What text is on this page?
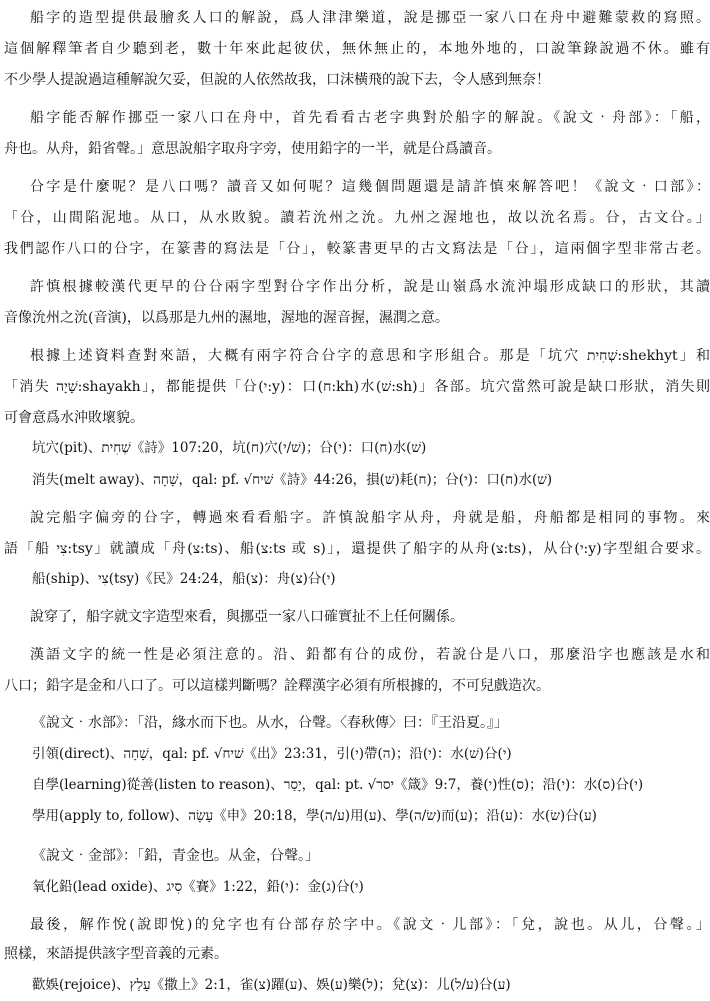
船字的造型提供最膾炙人口的解說，爲人津津樂道，說是挪亞一家八口在舟中避難蒙救的寫照。
這個解釋筆者自少聽到老，數十年來此起彼伏，無休無止的，本地外地的，口說筆錄說過不休。雖有
不少學人提說過這種解說欠妥，但說的人依然故我，口沫橫飛的說下去，令人感到無奈！
船字能否解作挪亞一家八口在舟中，首先看看古老字典對於船字的解說。《說文‧舟部》：「船，
舟也。从舟，鉛省聲。」意思說船字取舟字旁，使用鉛字的一半，就是㕣爲讀音。
㕣字是什麼呢？是八口嗎？讀音又如何呢？這幾個問題還是請許慎來解答吧！《說文‧口部》：
「㕣，山間陷泥地。从口，从水敗貌。讀若沇州之沇。九州之渥地也，故以沇名焉。㕣，古文㕣。」
我們認作八口的㕣字，在篆書的寫法是「㕣」，較篆書更早的古文寫法是「㕣」，這兩個字型非常古老。
許慎根據較漢代更早的㕣㕣兩字型對㕣字作出分析，說是山嶺爲水流沖塌形成缺口的形狀，其讀
音像沇州之沇(音演)，以爲那是九州的濕地，渥地的渥音握，濕潤之意。
根據上述資料查對來語，大概有兩字符合㕣字的意思和字形組合。那是「坑穴 שְׁחִית:shekhyt」和
「消失 שָׁיָה:shayakh」，都能提供「㕣(י:y)：口(ח:kh)水(שׁ:sh)」各部。坑穴當然可說是缺口形狀，消失則
可會意爲水沖敗壞貌。
坑穴(pit)、שְׁחִית《詩》107:20，坑(ח)穴(שׁ/י)；㕣(י)：口(ח)水(שׁ)
消失(melt away)、שָׁחָה，qal: pf. √שׁיח《詩》44:26，損(שׁ)耗(ח)；㕣(י)：口(ח)水(שׁ)
說完船字偏旁的㕣字，轉過來看看船字。許慎說船字从舟，舟就是船，舟船都是相同的事物。來
語「船 צִי:tsy」就讀成「舟(צ:ts)、船(צ:ts 或 s)」，還提供了船字的从舟(צ:ts)，从㕣(י:y)字型組合要求。
船(ship)、צִי(tsy)《民》24:24，船(צ)：舟(צ)㕣(י)
說穿了，船字就文字造型來看，與挪亞一家八口確實扯不上任何關係。
漢語文字的統一性是必須注意的。沿、鉛都有㕣的成份，若說㕣是八口，那麼沿字也應該是水和
八口；鉛字是金和八口了。可以這樣判斷嗎？詮釋漢字必須有所根據的，不可兒戲造次。
《說文‧水部》：「沿，緣水而下也。从水，㕣聲。〈春秋傳〉曰：『王沿夏。』」
引領(direct)、שָׁחָה，qal: pf. √שׁיח《出》23:31，引(י)帶(ה)；沿(י)：水(שׁ)㕣(י)
自學(learning)從善(listen to reason)、יָסַר，qal: pt. √יסר《箴》9:7，養(י)性(ס)；沿(י)：水(ס)㕣(י)
學用(apply to, follow)、עָשָׂה《申》20:18，學(ע/ה)用(ע)、學(שׂ/ה)而(ע)；沿(ע)：水(שׂ)㕣(ע)
《說文‧金部》：「鉛，青金也。从金，㕣聲。」
氧化鉛(lead oxide)、סִיג《賽》1:22，鉛(י)：金(ג)㕣(י)
最後，解作悅(說即悅)的兌字也有㕣部存於字中。《說文‧儿部》：「兌，說也。从儿，㕣聲。」
照樣，來語提供該字型音義的元素。
歡娛(rejoice)、עָלַץ《撒上》2:1，雀(צ)躍(ע)、娛(ע)樂(ל)；兌(צ)：儿(ע/ל)㕣(ע)
